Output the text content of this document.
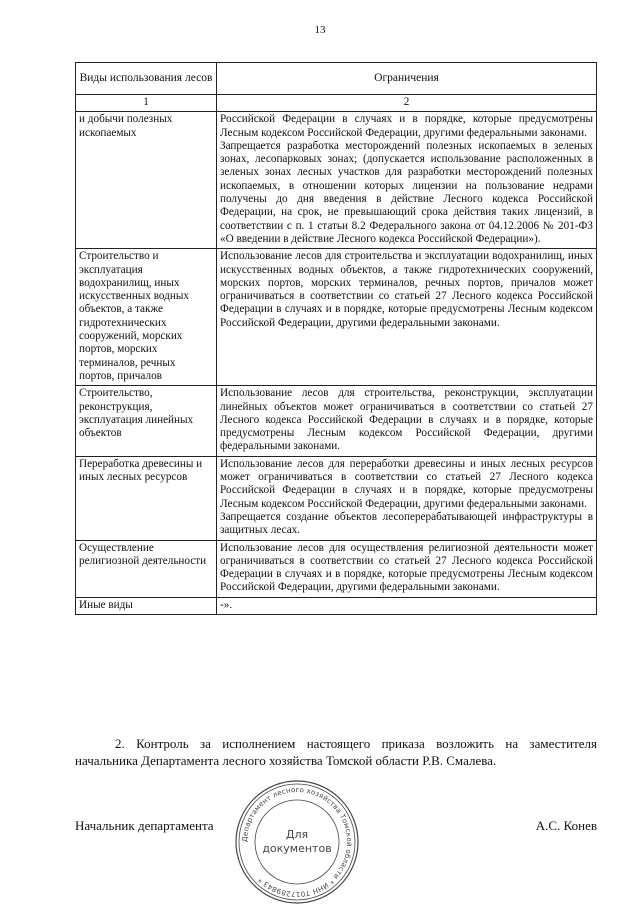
13
Виды использования лесов	Ограничения
1	2
и добычи полезных ископаемых	Российской Федерации в случаях и в порядке, которые предусмотрены Лесным кодексом Российской Федерации, другими федеральными законами.

Запрещается разработка месторождений полезных ископаемых в зеленых зонах, лесопарковых зонах; (допускается использование расположенных в зеленых зонах лесных участков для разработки месторождений полезных ископаемых, в отношении которых лицензии на пользование недрами получены до дня введения в действие Лесного кодекса Российской Федерации, на срок, не превышающий срока действия таких лицензий, в соответствии с п. 1 статьи 8.2 Федерального закона от 04.12.2006 № 201-ФЗ «О введении в действие Лесного кодекса Российской Федерации»).

Строительство и эксплуатация водохранилищ, иных искусственных водных объектов, а также гидротехнических сооружений, морских портов, морских терминалов, речных портов, причалов	Использование лесов для строительства и эксплуатации водохранилищ, иных искусственных водных объектов, а также гидротехнических сооружений, морских портов, морских терминалов, речных портов, причалов может ограничиваться в соответствии со статьей 27 Лесного кодекса Российской Федерации в случаях и в порядке, которые предусмотрены Лесным кодексом Российской Федерации, другими федеральными законами.

Строительство, реконструкция, эксплуатация линейных объектов	Использование лесов для строительства, реконструкции, эксплуатации линейных объектов может ограничиваться в соответствии со статьей 27 Лесного кодекса Российской Федерации в случаях и в порядке, которые предусмотрены Лесным кодексом Российской Федерации, другими федеральными законами.

Переработка древесины и иных лесных ресурсов	Использование лесов для переработки древесины и иных лесных ресурсов может ограничиваться в соответствии со статьей 27 Лесного кодекса Российской Федерации в случаях и в порядке, которые предусмотрены Лесным кодексом Российской Федерации, другими федеральными законами.

Запрещается создание объектов лесоперерабатывающей инфраструктуры в защитных лесах.

Осуществление религиозной деятельности	Использование лесов для осуществления религиозной деятельности может ограничиваться в соответствии со статьей 27 Лесного кодекса Российской Федерации в случаях и в порядке, которые предусмотрены Лесным кодексом Российской Федерации, другими федеральными законами.

Иные виды	-».

2. Контроль за исполнением настоящего приказа возложить на заместителя начальника Департамента лесного хозяйства Томской области Р.В. Смалева.
Начальник департамента	А.С. Конев
Департамент лесного хозяйства Томской области * ИНН 7017289843 *
Для
документов
